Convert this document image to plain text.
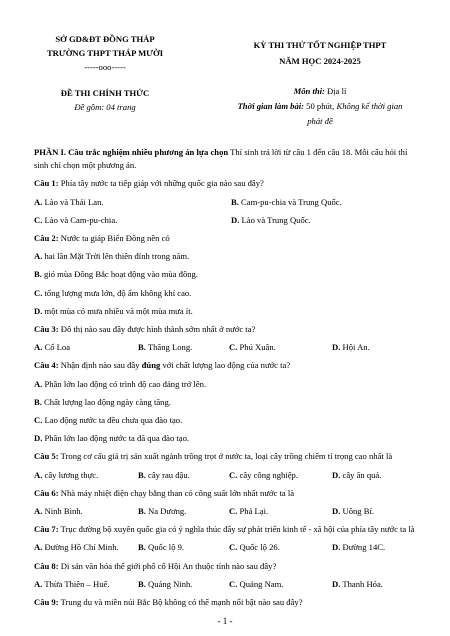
SỞ GD&ĐT ĐỒNG THÁP
TRƯỜNG THPT THÁP MƯỜI
-----ooo-----
ĐỀ THI CHÍNH THỨC
Đề gồm: 04 trang
KỲ THI THỬ TỐT NGHIỆP THPT
NĂM HỌC 2024-2025
Môn thi: Địa lí
Thời gian làm bài: 50 phút, Không kể thời gian
phát đề

PHẦN I. Câu trắc nghiệm nhiều phương án lựa chọn Thí sinh trả lời từ câu 1 đến câu 18. Mỗi câu hỏi thí sinh chỉ chọn một phương án.

Câu 1: Phía tây nước ta tiếp giáp với những quốc gia nào sau đây?

A. Lào và Thái Lan.	B. Cam-pu-chia và Trung Quốc.
C. Lào và Cam-pu-chia.	D. Lào và Trung Quốc.

Câu 2: Nước ta giáp Biển Đông nên có

A. hai lần Mặt Trời lên thiên đỉnh trong năm.

B. gió mùa Đông Bắc hoạt động vào mùa đông.

C. tổng lượng mưa lớn, độ ẩm không khí cao.

D. một mùa có mưa nhiều và một mùa mưa ít.

Câu 3: Đô thị nào sau đây được hình thành sớm nhất ở nước ta?

A. Cổ Loa	B. Thăng Long.	C. Phú Xuân.	D. Hội An.

Câu 4: Nhận định nào sau đây đúng với chất lượng lao động của nước ta?

A. Phần lớn lao động có trình độ cao đáng trở lên.

B. Chất lượng lao động ngày càng tăng.

C. Lao động nước ta đều chưa qua đào tạo.

D. Phần lớn lao động nước ta đã qua đào tạo.

Câu 5: Trong cơ cấu giá trị sản xuất ngành trồng trọt ở nước ta, loại cây trồng chiếm tỉ trọng cao nhất là

A. cây lương thực.	B. cây rau đậu.	C. cây công nghiệp.	D. cây ăn quả.

Câu 6: Nhà máy nhiệt điện chạy bằng than có công suất lớn nhất nước ta là

A. Ninh Bình.	B. Na Dương.	C. Phả Lại.	D. Uông Bí.

Câu 7: Trục đường bộ xuyên quốc gia có ý nghĩa thúc đẩy sự phát triển kinh tế - xã hội của phía tây nước ta là

A. Đường Hồ Chí Minh.	B. Quốc lộ 9.	C. Quốc lộ 26.	D. Đường 14C.

Câu 8: Di sản văn hóa thế giới phố cổ Hội An thuộc tỉnh nào sau đây?

A. Thừa Thiên – Huế.	B. Quảng Ninh.	C. Quảng Nam.	D. Thanh Hóa.

Câu 9: Trung du và miền núi Bắc Bộ không có thế mạnh nổi bật nào sau đây?

- 1 -
